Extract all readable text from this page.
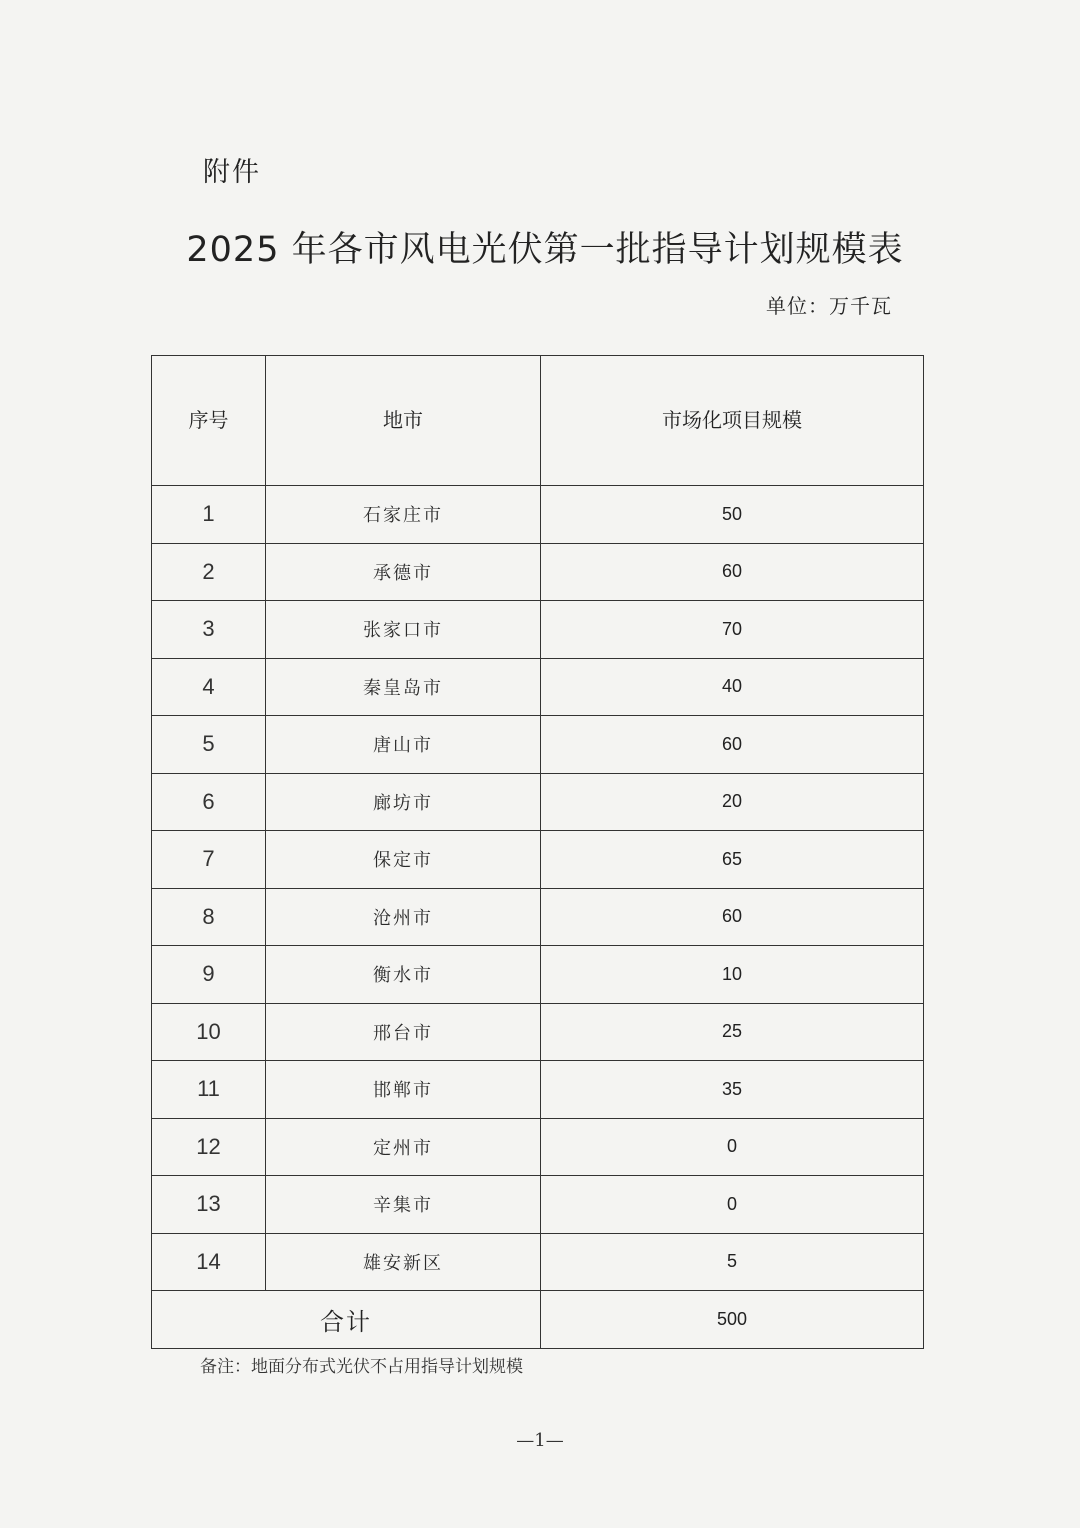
附件
2025 年各市风电光伏第一批指导计划规模表
单位：万千瓦
序号	地市	市场化项目规模
1	石家庄市	50
2	承德市	60
3	张家口市	70
4	秦皇岛市	40
5	唐山市	60
6	廊坊市	20
7	保定市	65
8	沧州市	60
9	衡水市	10
10	邢台市	25
11	邯郸市	35
12	定州市	0
13	辛集市	0
14	雄安新区	5
合计		500
备注：地面分布式光伏不占用指导计划规模
—1—
